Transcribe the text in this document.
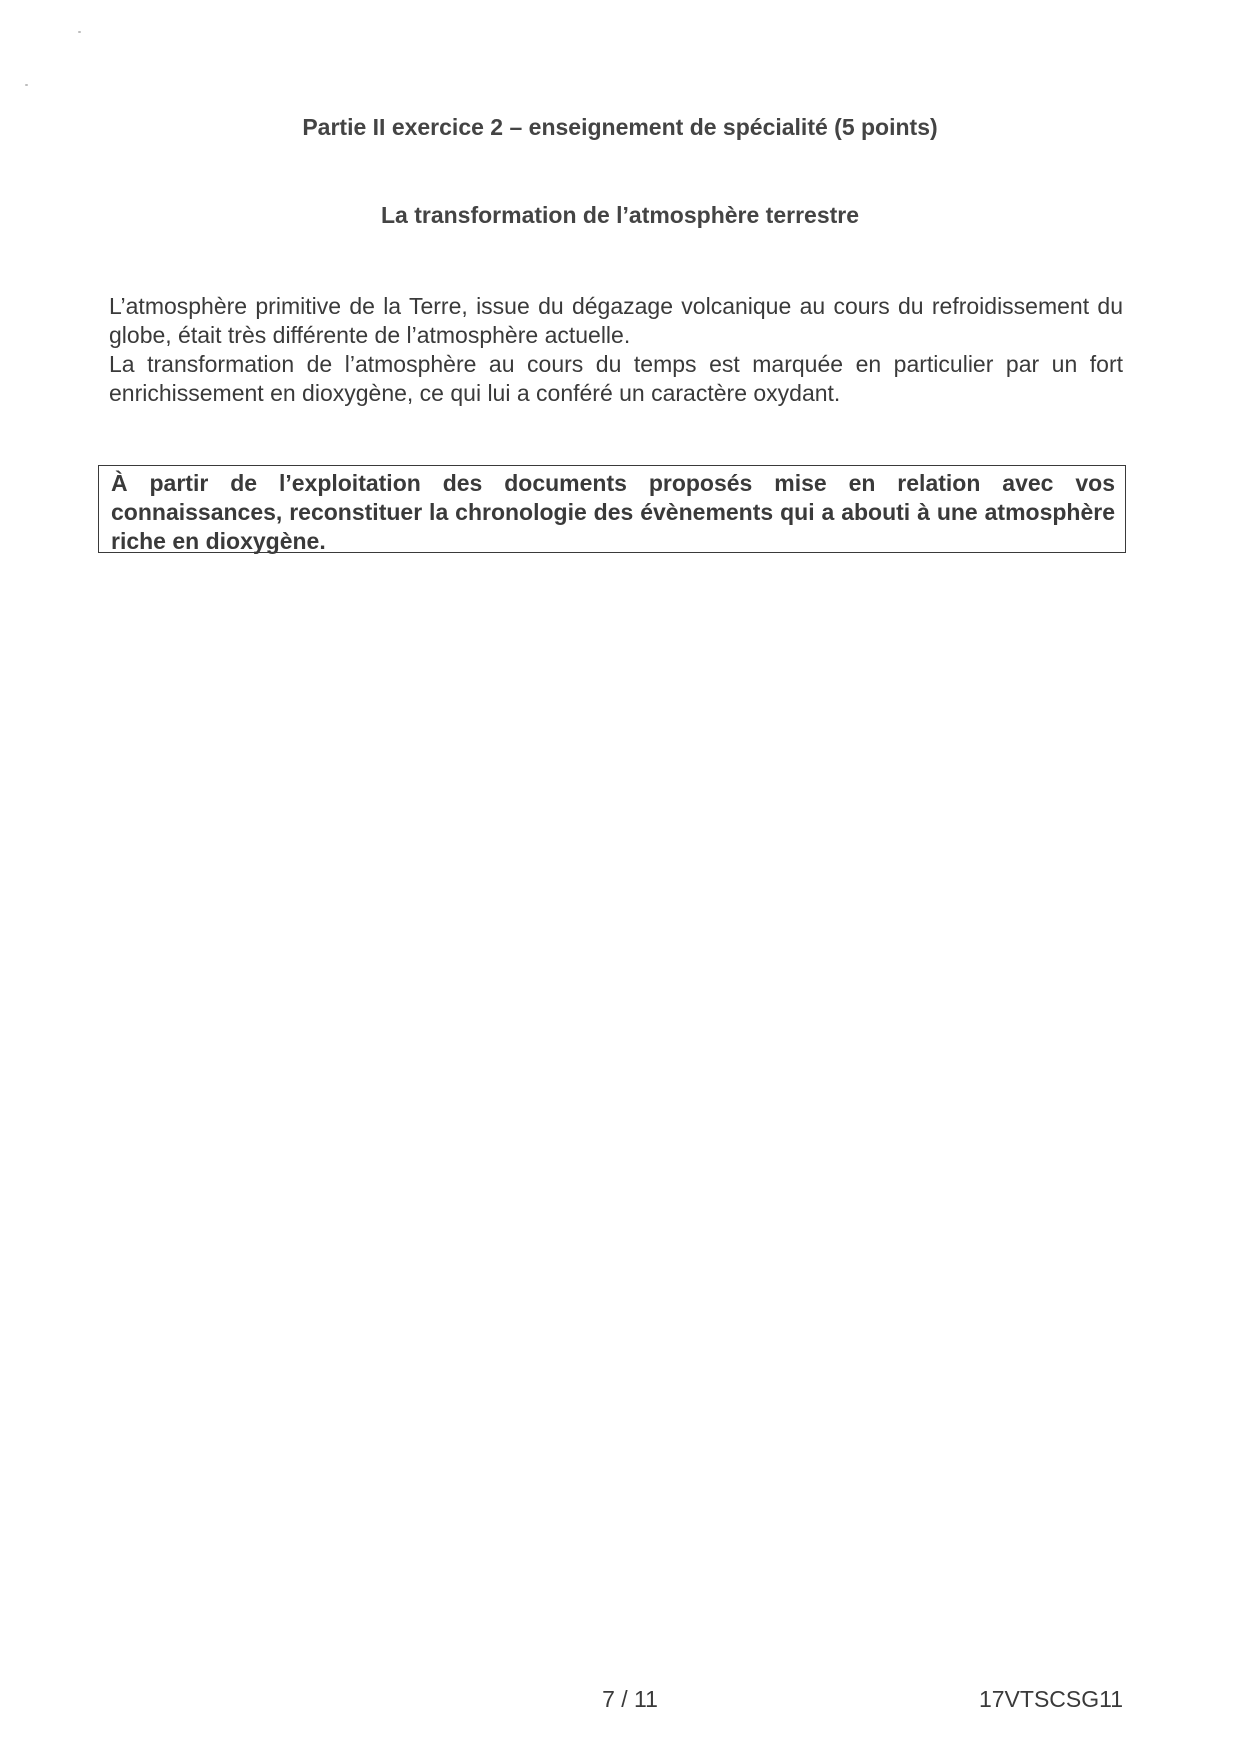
Partie II exercice 2 – enseignement de spécialité (5 points)
La transformation de l’atmosphère terrestre

L’atmosphère primitive de la Terre, issue du dégazage volcanique au cours du refroidissement du globe, était très différente de l’atmosphère actuelle.

La transformation de l’atmosphère au cours du temps est marquée en particulier par un fort enrichissement en dioxygène, ce qui lui a conféré un caractère oxydant.

À partir de l’exploitation des documents proposés mise en relation avec vos connaissances, reconstituer la chronologie des évènements qui a abouti à une atmosphère riche en dioxygène.

7 / 11	17VTSCSG11
